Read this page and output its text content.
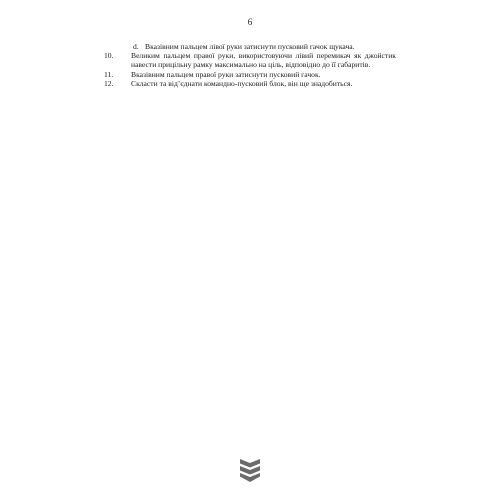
6
d. Вказівним пальцем лівої руки затиснути пусковий гачок щукача.
10.	Великим пальцем правої руки, використовуючи лівий перемикач як джойстик навести прицільну рамку максимально на ціль, відповідно до її габаритів.
11.	Вказівним пальцем правої руки затиснути пусковий гачок.
12.	Скласти та від’єднати командно-пусковий блок, він ще знадобиться.
